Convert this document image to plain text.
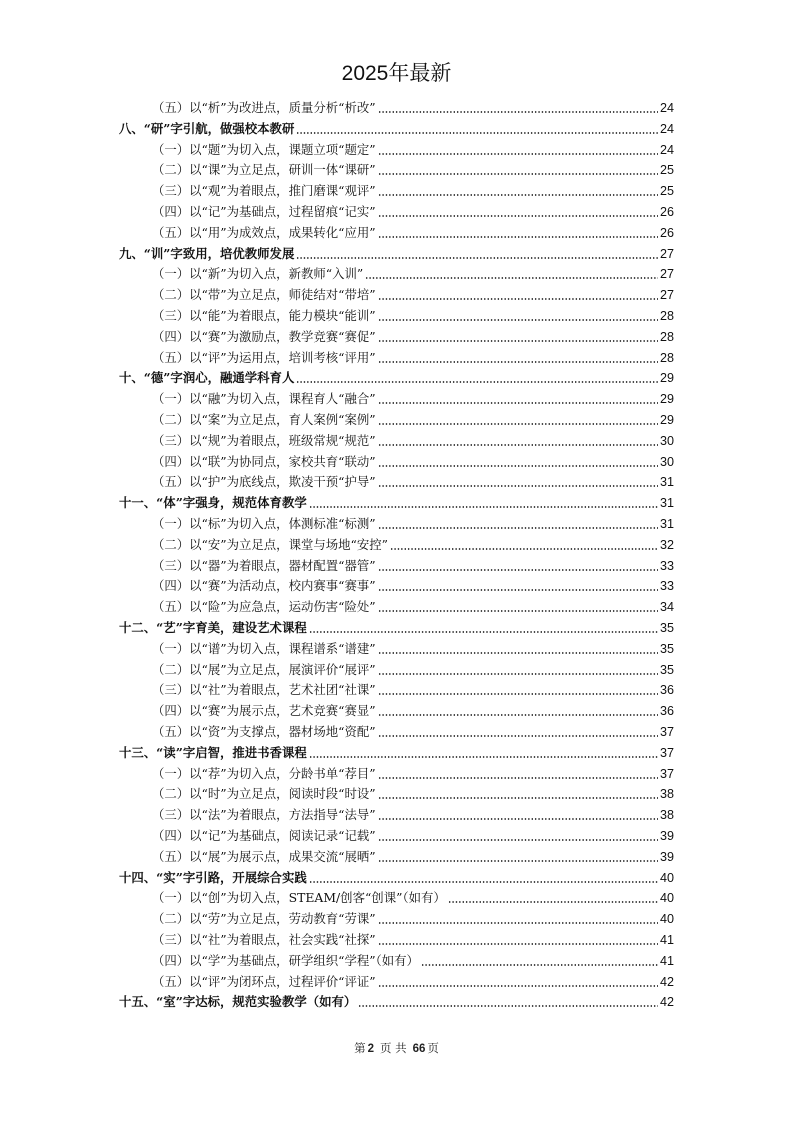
2025年最新
（五）以“析”为改进点，质量分析“析改”	24
八、“研”字引航，做强校本教研	24
（一）以“题”为切入点，课题立项“题定”	24
（二）以“课”为立足点，研训一体“课研”	25
（三）以“观”为着眼点，推门磨课“观评”	25
（四）以“记”为基础点，过程留痕“记实”	26
（五）以“用”为成效点，成果转化“应用”	26
九、“训”字致用，培优教师发展	27
（一）以“新”为切入点，新教师“入训”	27
（二）以“带”为立足点，师徒结对“带培”	27
（三）以“能”为着眼点，能力模块“能训”	28
（四）以“赛”为激励点，教学竞赛“赛促”	28
（五）以“评”为运用点，培训考核“评用”	28
十、“德”字润心，融通学科育人	29
（一）以“融”为切入点，课程育人“融合”	29
（二）以“案”为立足点，育人案例“案例”	29
（三）以“规”为着眼点，班级常规“规范”	30
（四）以“联”为协同点，家校共育“联动”	30
（五）以“护”为底线点，欺凌干预“护导”	31
十一、“体”字强身，规范体育教学	31
（一）以“标”为切入点，体测标准“标测”	31
（二）以“安”为立足点，课堂与场地“安控”	32
（三）以“器”为着眼点，器材配置“器管”	33
（四）以“赛”为活动点，校内赛事“赛事”	33
（五）以“险”为应急点，运动伤害“险处”	34
十二、“艺”字育美，建设艺术课程	35
（一）以“谱”为切入点，课程谱系“谱建”	35
（二）以“展”为立足点，展演评价“展评”	35
（三）以“社”为着眼点，艺术社团“社课”	36
（四）以“赛”为展示点，艺术竞赛“赛显”	36
（五）以“资”为支撑点，器材场地“资配”	37
十三、“读”字启智，推进书香课程	37
（一）以“荐”为切入点，分龄书单“荐目”	37
（二）以“时”为立足点，阅读时段“时设”	38
（三）以“法”为着眼点，方法指导“法导”	38
（四）以“记”为基础点，阅读记录“记载”	39
（五）以“展”为展示点，成果交流“展晒”	39
十四、“实”字引路，开展综合实践	40
（一）以“创”为切入点，STEAM/创客“创课”（如有）	40
（二）以“劳”为立足点，劳动教育“劳课”	40
（三）以“社”为着眼点，社会实践“社探”	41
（四）以“学”为基础点，研学组织“学程”（如有）	41
（五）以“评”为闭环点，过程评价“评证”	42
十五、“室”字达标，规范实验教学（如有）	42
第 2 页 共 66 页
